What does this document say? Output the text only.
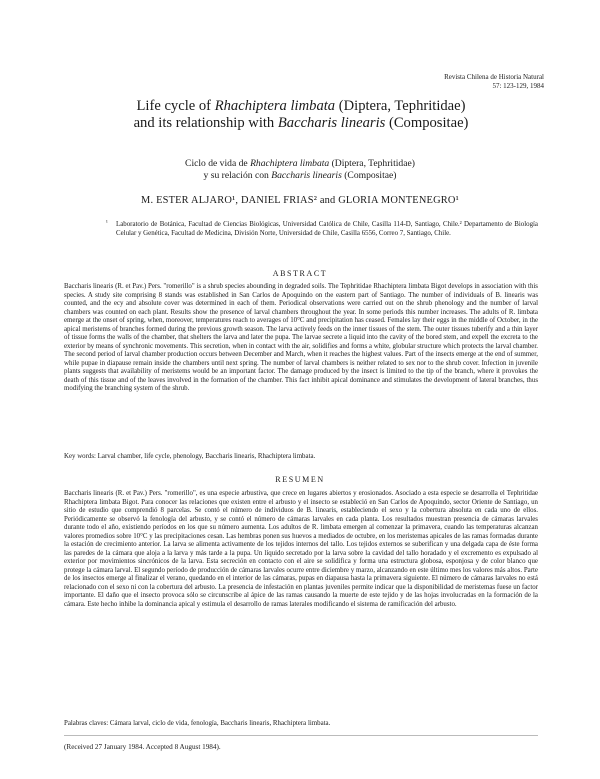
Revista Chilena de Historia Natural
57: 123-129, 1984
Life cycle of Rhachiptera limbata (Diptera, Tephritidae)
and its relationship with Baccharis linearis (Compositae)
Ciclo de vida de Rhachiptera limbata (Diptera, Tephritidae)
y su relación con Baccharis linearis (Compositae)
M. ESTER ALJARO¹, DANIEL FRIAS² and GLORIA MONTENEGRO¹
¹ Laboratorio de Botánica, Facultad de Ciencias Biológicas, Universidad Católica de Chile, Casilla 114-D, Santiago, Chile.² Departamento de Biología Celular y Genética, Facultad de Medicina, División Norte, Universidad de Chile, Casilla 6556, Correo 7, Santiago, Chile.
ABSTRACT
Baccharis linearis (R. et Pav.) Pers. "romerillo" is a shrub species abounding in degraded soils. The Tephritidae Rhachiptera limbata Bigot develops in association with this species. A study site comprising 8 stands was established in San Carlos de Apoquindo on the eastern part of Santiago. The number of individuals of B. linearis was counted, and the ecy and absolute cover was determined in each of them. Periodical observations were carried out on the shrub phenology and the number of larval chambers was counted on each plant. Results show the presence of larval chambers throughout the year. In some periods this number increases. The adults of R. limbata emerge at the onset of spring, when, moreover, temperatures reach to averages of 10°C and precipitation has ceased. Females lay their eggs in the middle of October, in the apical meristems of branches formed during the previous growth season. The larva actively feeds on the inner tissues of the stem. The outer tissues tuberify and a thin layer of tissue forms the walls of the chamber, that shelters the larva and later the pupa. The larvae secrete a liquid into the cavity of the bored stem, and expell the excreta to the exterior by means of synchronic movements. This secretion, when in contact with the air, solidifies and forms a white, globular structure which protects the larval chamber. The second period of larval chamber production occurs between December and March, when it reaches the highest values. Part of the insects emerge at the end of summer, while pupae in diapause remain inside the chambers until next spring. The number of larval chambers is neither related to sex nor to the shrub cover. Infection in juvenile plants suggests that availability of meristems would be an important factor. The damage produced by the insect is limited to the tip of the branch, where it provokes the death of this tissue and of the leaves involved in the formation of the chamber. This fact inhibit apical dominance and stimulates the development of lateral branches, thus modifying the branching system of the shrub.
Key words: Larval chamber, life cycle, phenology, Baccharis linearis, Rhachiptera limbata.
RESUMEN
Baccharis linearis (R. et Pav.) Pers. "romerillo", es una especie arbustiva, que crece en lugares abiertos y erosionados. Asociado a esta especie se desarrolla el Tephritidae Rhachiptera limbata Bigot. Para conocer las relaciones que existen entre el arbusto y el insecto se estableció en San Carlos de Apoquindo, sector Oriente de Santiago, un sitio de estudio que comprendió 8 parcelas. Se contó el número de individuos de B. linearis, estableciendo el sexo y la cobertura absoluta en cada uno de ellos. Periódicamente se observó la fenología del arbusto, y se contó el número de cámaras larvales en cada planta. Los resultados muestran presencia de cámaras larvales durante todo el año, existiendo períodos en los que su número aumenta. Los adultos de R. limbata emergen al comenzar la primavera, cuando las temperaturas alcanzan valores promedios sobre 10°C y las precipitaciones cesan. Las hembras ponen sus huevos a mediados de octubre, en los meristemas apicales de las ramas formadas durante la estación de crecimiento anterior. La larva se alimenta activamente de los tejidos internos del tallo. Los tejidos externos se suberifican y una delgada capa de éste forma las paredes de la cámara que aloja a la larva y más tarde a la pupa. Un líquido secretado por la larva sobre la cavidad del tallo horadado y el excremento es expulsado al exterior por movimientos sincrónicos de la larva. Esta secreción en contacto con el aire se solidifica y forma una estructura globosa, esponjosa y de color blanco que protege la cámara larval. El segundo período de producción de cámaras larvales ocurre entre diciembre y marzo, alcanzando en este último mes los valores más altos. Parte de los insectos emerge al finalizar el verano, quedando en el interior de las cámaras, pupas en diapausa hasta la primavera siguiente. El número de cámaras larvales no está relacionado con el sexo ni con la cobertura del arbusto. La presencia de infestación en plantas juveniles permite indicar que la disponibilidad de meristemas fuese un factor importante. El daño que el insecto provoca sólo se circunscribe al ápice de las ramas causando la muerte de este tejido y de las hojas involucradas en la formación de la cámara. Este hecho inhibe la dominancia apical y estimula el desarrollo de ramas laterales modificando el sistema de ramificación del arbusto.
Palabras claves: Cámara larval, ciclo de vida, fenología, Baccharis linearis, Rhachiptera limbata.
(Received 27 January 1984. Accepted 8 August 1984).
